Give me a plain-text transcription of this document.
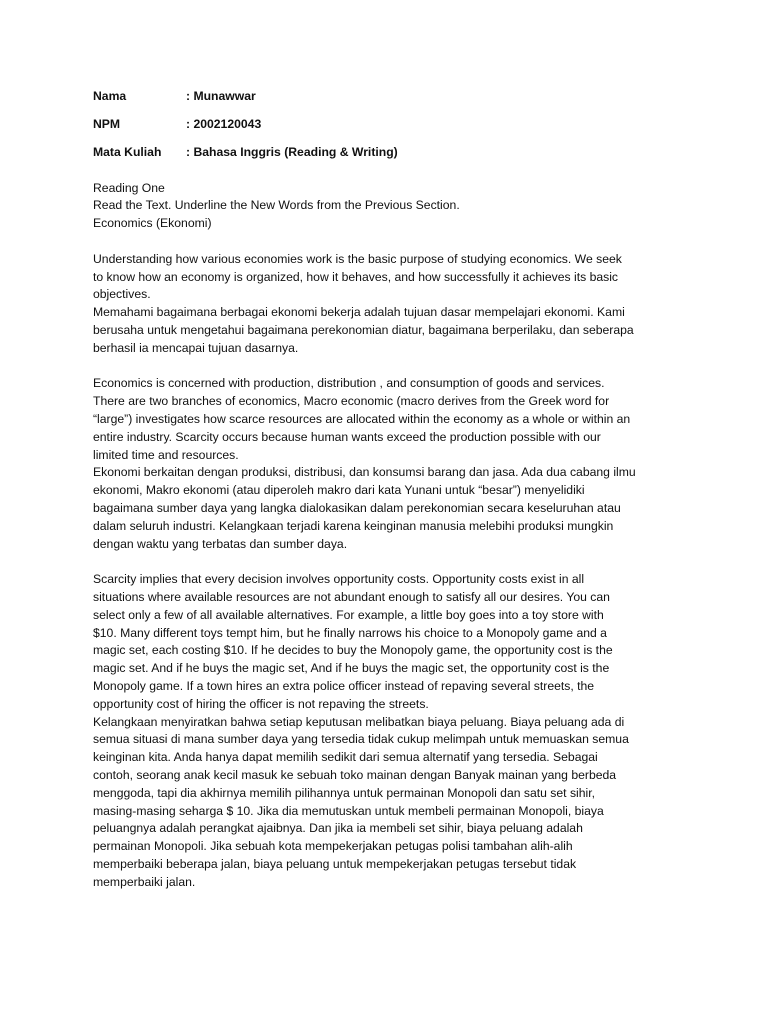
Nama	: Munawwar
NPM	: 2002120043
Mata Kuliah	: Bahasa Inggris (Reading & Writing)
Reading One
Read the Text. Underline the New Words from the Previous Section.
Economics (Ekonomi)
Understanding how various economies work is the basic purpose of studying economics. We seek
to know how an economy is organized, how it behaves, and how successfully it achieves its basic
objectives.
Memahami bagaimana berbagai ekonomi bekerja adalah tujuan dasar mempelajari ekonomi. Kami
berusaha untuk mengetahui bagaimana perekonomian diatur, bagaimana berperilaku, dan seberapa
berhasil ia mencapai tujuan dasarnya.
Economics is concerned with production, distribution , and consumption of goods and services.
There are two branches of economics, Macro economic (macro derives from the Greek word for
“large”) investigates how scarce resources are allocated within the economy as a whole or within an
entire industry. Scarcity occurs because human wants exceed the production possible with our
limited time and resources.
Ekonomi berkaitan dengan produksi, distribusi, dan konsumsi barang dan jasa. Ada dua cabang ilmu
ekonomi, Makro ekonomi (atau diperoleh makro dari kata Yunani untuk “besar”) menyelidiki
bagaimana sumber daya yang langka dialokasikan dalam perekonomian secara keseluruhan atau
dalam seluruh industri. Kelangkaan terjadi karena keinginan manusia melebihi produksi mungkin
dengan waktu yang terbatas dan sumber daya.
Scarcity implies that every decision involves opportunity costs. Opportunity costs exist in all
situations where available resources are not abundant enough to satisfy all our desires. You can
select only a few of all available alternatives. For example, a little boy goes into a toy store with
$10. Many different toys tempt him, but he finally narrows his choice to a Monopoly game and a
magic set, each costing $10. If he decides to buy the Monopoly game, the opportunity cost is the
magic set. And if he buys the magic set, And if he buys the magic set, the opportunity cost is the
Monopoly game. If a town hires an extra police officer instead of repaving several streets, the
opportunity cost of hiring the officer is not repaving the streets.
Kelangkaan menyiratkan bahwa setiap keputusan melibatkan biaya peluang. Biaya peluang ada di
semua situasi di mana sumber daya yang tersedia tidak cukup melimpah untuk memuaskan semua
keinginan kita. Anda hanya dapat memilih sedikit dari semua alternatif yang tersedia. Sebagai
contoh, seorang anak kecil masuk ke sebuah toko mainan dengan Banyak mainan yang berbeda
menggoda, tapi dia akhirnya memilih pilihannya untuk permainan Monopoli dan satu set sihir,
masing-masing seharga $ 10. Jika dia memutuskan untuk membeli permainan Monopoli, biaya
peluangnya adalah perangkat ajaibnya. Dan jika ia membeli set sihir, biaya peluang adalah
permainan Monopoli. Jika sebuah kota mempekerjakan petugas polisi tambahan alih-alih
memperbaiki beberapa jalan, biaya peluang untuk mempekerjakan petugas tersebut tidak
memperbaiki jalan.
